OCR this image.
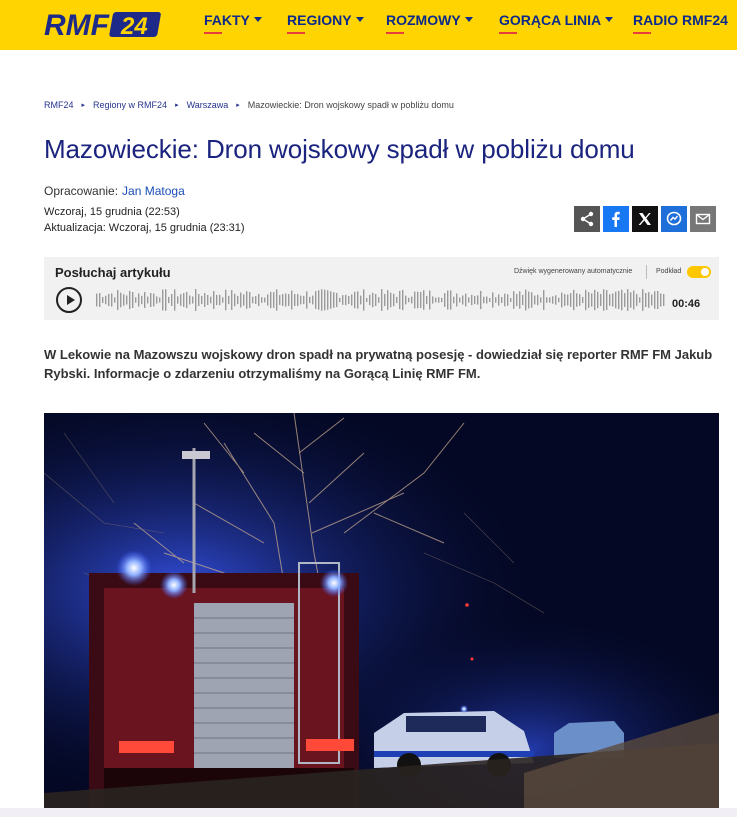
RMF 24	FAKTY	REGIONY	ROZMOWY	GORĄCA LINIA	RADIO RMF24
RMF24 ▸ Regiony w RMF24 ▸ Warszawa ▸ Mazowieckie: Dron wojskowy spadł w pobliżu domu
Mazowieckie: Dron wojskowy spadł w pobliżu domu
Opracowanie: Jan Matoga
Wczoraj, 15 grudnia (22:53)
Aktualizacja: Wczoraj, 15 grudnia (23:31)
Posłuchaj artykułu	Dźwięk wygenerowany automatycznie	Podkład
00:46
W Lekowie na Mazowszu wojskowy dron spadł na prywatną posesję - dowiedział się reporter RMF FM Jakub Rybski. Informacje o zdarzeniu otrzymaliśmy na Gorącą Linię RMF FM.
